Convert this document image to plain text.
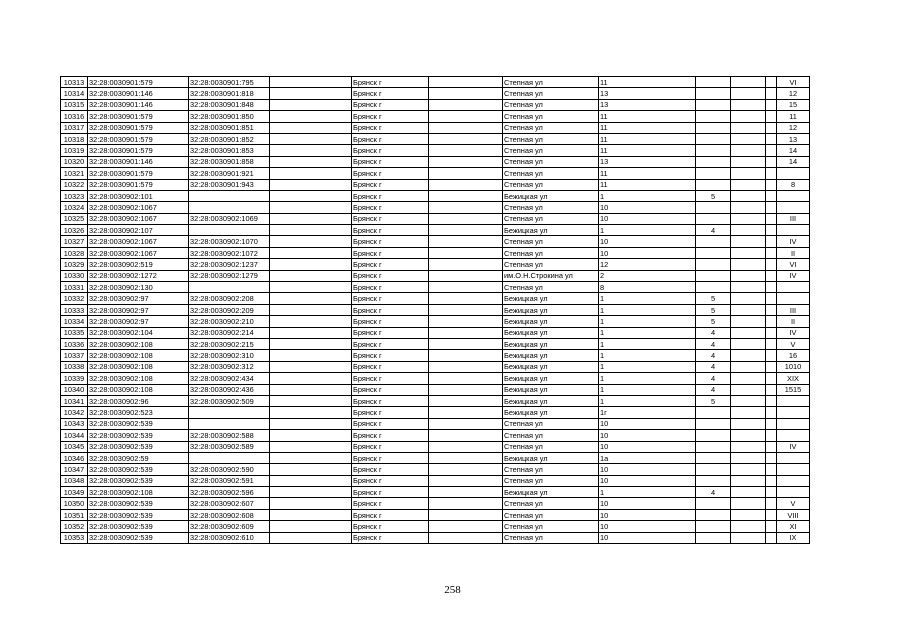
10313	32:28:0030901:579	32:28:0030901:795		Брянск г		Степная ул	11				VI
10314	32:28:0030901:146	32:28:0030901:818		Брянск г		Степная ул	13				12
10315	32:28:0030901:146	32:28:0030901:848		Брянск г		Степная ул	13				15
10316	32:28:0030901:579	32:28:0030901:850		Брянск г		Степная ул	11				11
10317	32:28:0030901:579	32:28:0030901:851		Брянск г		Степная ул	11				12
10318	32:28:0030901:579	32:28:0030901:852		Брянск г		Степная ул	11				13
10319	32:28:0030901:579	32:28:0030901:853		Брянск г		Степная ул	11				14
10320	32:28:0030901:146	32:28:0030901:858		Брянск г		Степная ул	13				14
10321	32:28:0030901:579	32:28:0030901:921		Брянск г		Степная ул	11				
10322	32:28:0030901:579	32:28:0030901:943		Брянск г		Степная ул	11				8
10323	32:28:0030902:101			Брянск г		Бежицкая ул	1	5			
10324	32:28:0030902:1067			Брянск г		Степная ул	10				
10325	32:28:0030902:1067	32:28:0030902:1069		Брянск г		Степная ул	10				III
10326	32:28:0030902:107			Брянск г		Бежицкая ул	1	4			
10327	32:28:0030902:1067	32:28:0030902:1070		Брянск г		Степная ул	10				IV
10328	32:28:0030902:1067	32:28:0030902:1072		Брянск г		Степная ул	10				II
10329	32:28:0030902:519	32:28:0030902:1237		Брянск г		Степная ул	12				VI
10330	32:28:0030902:1272	32:28:0030902:1279		Брянск г		им.О.Н.Строкина ул	2				IV
10331	32:28:0030902:130			Брянск г		Степная ул	8				
10332	32:28:0030902:97	32:28:0030902:208		Брянск г		Бежицкая ул	1	5			
10333	32:28:0030902:97	32:28:0030902:209		Брянск г		Бежицкая ул	1	5			III
10334	32:28:0030902:97	32:28:0030902:210		Брянск г		Бежицкая ул	1	5			II
10335	32:28:0030902:104	32:28:0030902:214		Брянск г		Бежицкая ул	1	4			IV
10336	32:28:0030902:108	32:28:0030902:215		Брянск г		Бежицкая ул	1	4			V
10337	32:28:0030902:108	32:28:0030902:310		Брянск г		Бежицкая ул	1	4			16
10338	32:28:0030902:108	32:28:0030902:312		Брянск г		Бежицкая ул	1	4			1010
10339	32:28:0030902:108	32:28:0030902:434		Брянск г		Бежицкая ул	1	4			XIX
10340	32:28:0030902:108	32:28:0030902:436		Брянск г		Бежицкая ул	1	4			1515
10341	32:28:0030902:96	32:28:0030902:509		Брянск г		Бежицкая ул	1	5			
10342	32:28:0030902:523			Брянск г		Бежицкая ул	1г				
10343	32:28:0030902:539			Брянск г		Степная ул	10				
10344	32:28:0030902:539	32:28:0030902:588		Брянск г		Степная ул	10				
10345	32:28:0030902:539	32:28:0030902:589		Брянск г		Степная ул	10				IV
10346	32:28:0030902:59			Брянск г		Бежицкая ул	1а				
10347	32:28:0030902:539	32:28:0030902:590		Брянск г		Степная ул	10				
10348	32:28:0030902:539	32:28:0030902:591		Брянск г		Степная ул	10				
10349	32:28:0030902:108	32:28:0030902:596		Брянск г		Бежицкая ул	1	4			
10350	32:28:0030902:539	32:28:0030902:607		Брянск г		Степная ул	10				V
10351	32:28:0030902:539	32:28:0030902:608		Брянск г		Степная ул	10				VIII
10352	32:28:0030902:539	32:28:0030902:609		Брянск г		Степная ул	10				XI
10353	32:28:0030902:539	32:28:0030902:610		Брянск г		Степная ул	10				IX
258
